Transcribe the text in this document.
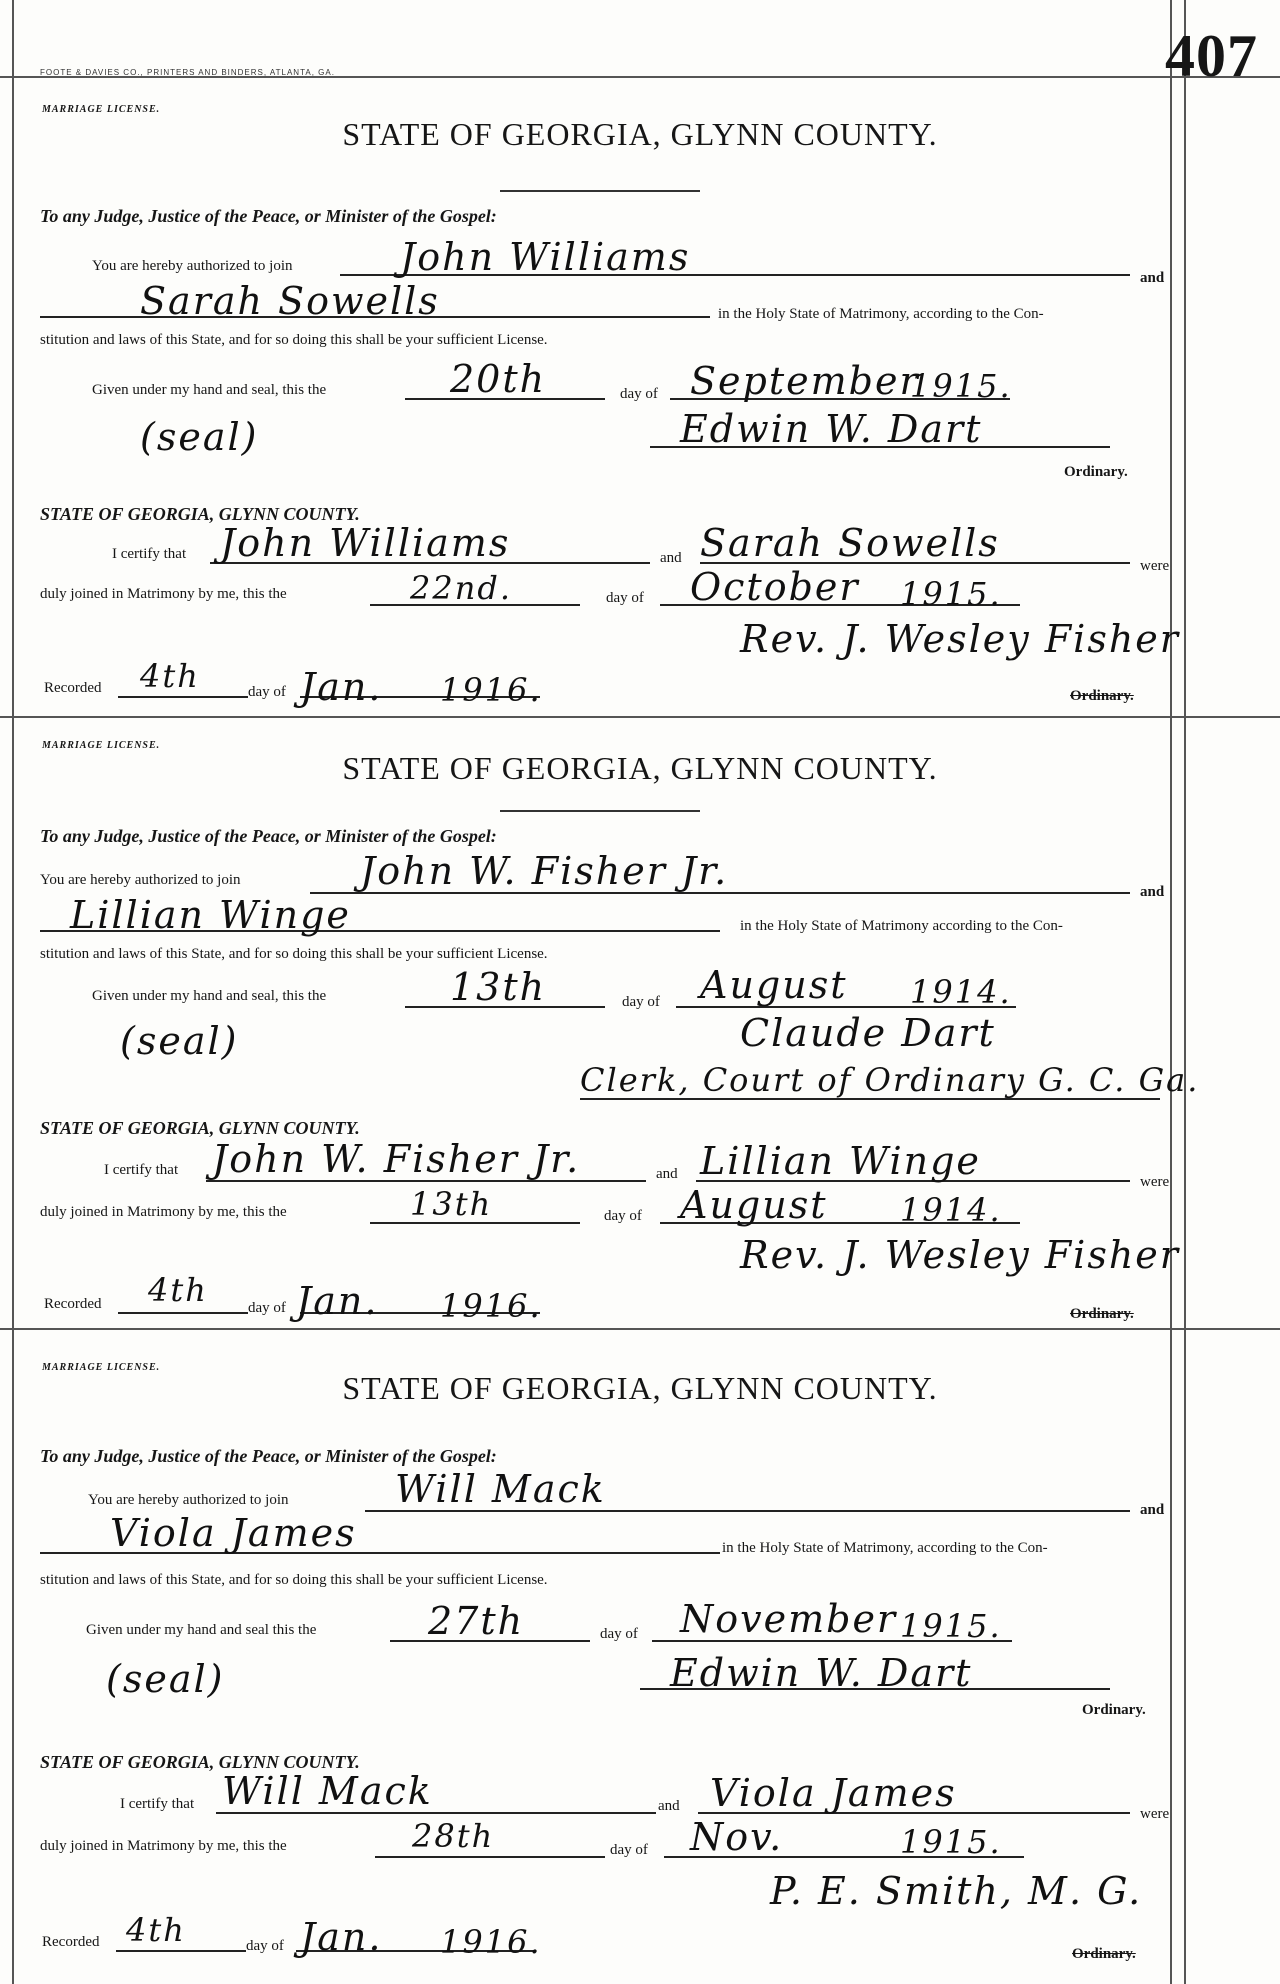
407
FOOTE & DAVIES CO., PRINTERS AND BINDERS, ATLANTA, GA.
MARRIAGE LICENSE.
STATE OF GEORGIA, GLYNN COUNTY.
To any Judge, Justice of the Peace, or Minister of the Gospel:
You are hereby authorized to join	John Williams	and
Sarah Sowells	in the Holy State of Matrimony, according to the Con-
stitution and laws of this State, and for so doing this shall be your sufficient License.
Given under my hand and seal, this the	20th	day of September
1915.
(seal)	Edwin W. Dart
Ordinary.
STATE OF GEORGIA, GLYNN COUNTY.
I certify that John Williams	and Sarah Sowells
were
duly joined in Matrimony by me, this the	22nd.	day of October 1915.
Rev. J. Wesley Fisher
Recorded 4th	day of Jan. 1916.	Ordinary.
MARRIAGE LICENSE.
STATE OF GEORGIA, GLYNN COUNTY.
To any Judge, Justice of the Peace, or Minister of the Gospel:
You are hereby authorized to join	John W. Fisher Jr.	and
Lillian Winge	in the Holy State of Matrimony according to the Con-
stitution and laws of this State, and for so doing this shall be your sufficient License.
Given under my hand and seal, this the	13th	day of August 1914.
(seal)	Claude Dart
Clerk, Court of Ordinary G. C. Ga.
STATE OF GEORGIA, GLYNN COUNTY.
I certify that John W. Fisher Jr.	and Lillian Winge	were
duly joined in Matrimony by me, this the	13th	day of August 1914.
Rev. J. Wesley Fisher
Recorded 4th	day of Jan. 1916.	Ordinary.
MARRIAGE LICENSE.
STATE OF GEORGIA, GLYNN COUNTY.
To any Judge, Justice of the Peace, or Minister of the Gospel:
You are hereby authorized to join	Will Mack	and
Viola James	in the Holy State of Matrimony, according to the Con-
stitution and laws of this State, and for so doing this shall be your sufficient License.
Given under my hand and seal this the	27th	day of November 1915.
(seal)	Edwin W. Dart
Ordinary.
STATE OF GEORGIA, GLYNN COUNTY.
I certify that Will Mack	and Viola James	were
duly joined in Matrimony by me, this the	28th	day of Nov.	1915.
P. E. Smith, M. G.
Recorded 4th	day of Jan. 1916.	Ordinary.
